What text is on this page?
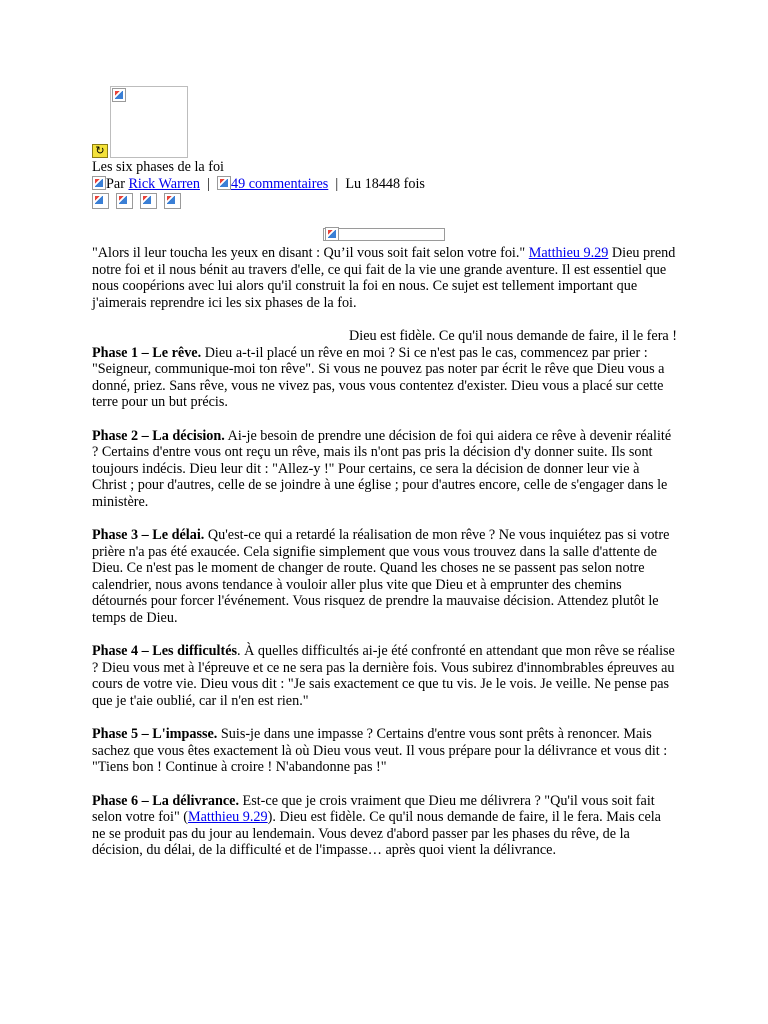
↻
Les six phases de la foi
Par Rick Warren | 49 commentaires | Lu 18448 fois

"Alors il leur toucha les yeux en disant : Qu’il vous soit fait selon votre foi." Matthieu 9.29 Dieu prend notre foi et il nous bénit au travers d'elle, ce qui fait de la vie une grande aventure. Il est essentiel que nous coopérions avec lui alors qu'il construit la foi en nous. Ce sujet est tellement important que j'aimerais reprendre ici les six phases de la foi.

Dieu est fidèle. Ce qu'il nous demande de faire, il le fera !

Phase 1 – Le rêve. Dieu a-t-il placé un rêve en moi ? Si ce n'est pas le cas, commencez par prier : "Seigneur, communique-moi ton rêve". Si vous ne pouvez pas noter par écrit le rêve que Dieu vous a donné, priez. Sans rêve, vous ne vivez pas, vous vous contentez d'exister. Dieu vous a placé sur cette terre pour un but précis.

Phase 2 – La décision. Ai-je besoin de prendre une décision de foi qui aidera ce rêve à devenir réalité ? Certains d'entre vous ont reçu un rêve, mais ils n'ont pas pris la décision d'y donner suite. Ils sont toujours indécis. Dieu leur dit : "Allez-y !" Pour certains, ce sera la décision de donner leur vie à Christ ; pour d'autres, celle de se joindre à une église ; pour d'autres encore, celle de s'engager dans le ministère.

Phase 3 – Le délai. Qu'est-ce qui a retardé la réalisation de mon rêve ? Ne vous inquiétez pas si votre prière n'a pas été exaucée. Cela signifie simplement que vous vous trouvez dans la salle d'attente de Dieu. Ce n'est pas le moment de changer de route. Quand les choses ne se passent pas selon notre calendrier, nous avons tendance à vouloir aller plus vite que Dieu et à emprunter des chemins détournés pour forcer l'événement. Vous risquez de prendre la mauvaise décision. Attendez plutôt le temps de Dieu.

Phase 4 – Les difficultés. À quelles difficultés ai-je été confronté en attendant que mon rêve se réalise ? Dieu vous met à l'épreuve et ce ne sera pas la dernière fois. Vous subirez d'innombrables épreuves au cours de votre vie. Dieu vous dit : "Je sais exactement ce que tu vis. Je le vois. Je veille. Ne pense pas que je t'aie oublié, car il n'en est rien."

Phase 5 – L'impasse. Suis-je dans une impasse ? Certains d'entre vous sont prêts à renoncer. Mais sachez que vous êtes exactement là où Dieu vous veut. Il vous prépare pour la délivrance et vous dit : "Tiens bon ! Continue à croire ! N'abandonne pas !"

Phase 6 – La délivrance. Est-ce que je crois vraiment que Dieu me délivrera ? "Qu'il vous soit fait selon votre foi" (Matthieu 9.29). Dieu est fidèle. Ce qu'il nous demande de faire, il le fera. Mais cela ne se produit pas du jour au lendemain. Vous devez d'abord passer par les phases du rêve, de la décision, du délai, de la difficulté et de l'impasse… après quoi vient la délivrance.
